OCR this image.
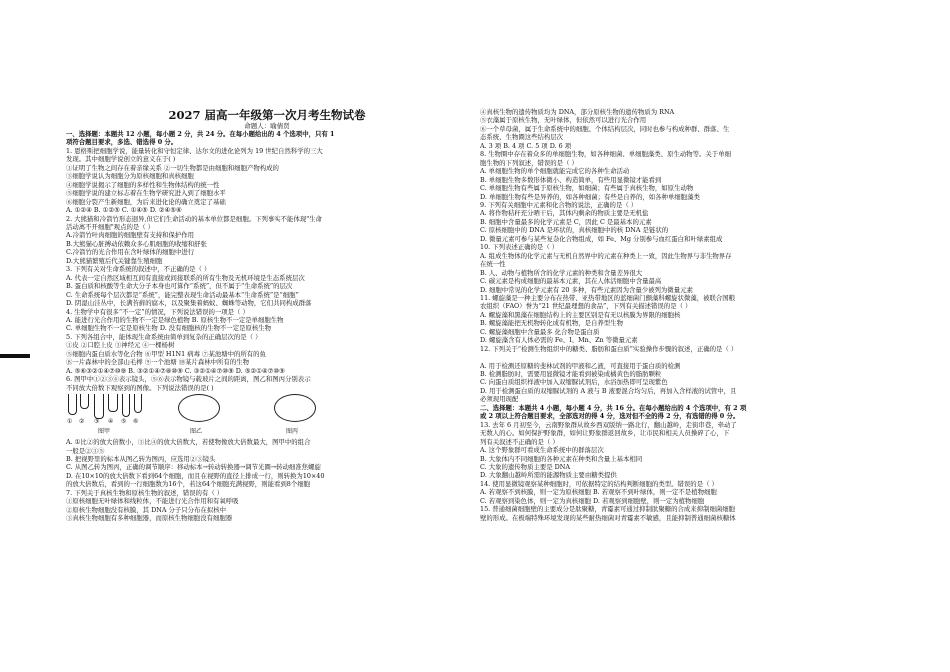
2027 届高一年级第一次月考生物试卷

命题人：喻倩贤

一、选择题：本题共 12 小题，每小题 2 分，共 24 分。在每小题给出的 4 个选项中，只有 1

项符合题目要求，多选、错选得 0 分。

1. 恩格斯把细胞学说，能量转化和守恒定律、达尔文的进化论列为 19 世纪自然科学的三大

发现。其中细胞学说创立的意义在于( )

①证明了生物之间存在着亲缘关系 ②一切生物都是由细胞和细胞产物构成的

③细胞学说认为细胞分为原核细胞和真核细胞

④细胞学说揭示了细胞的多样性和生物体结构的统一性

⑤细胞学说的建立标志着在生物学研究进入到了细胞水平

⑥细胞分裂产生新细胞，为后来进化论的确立奠定了基础

A. ①②④ B. ①②⑤ C. ①④⑤ D. ②④⑤⑥

2. 大熊猫和冷箭竹形态迥异,但它们生命活动的基本单位都是细胞。下列事实不能体现"生命

活动离不开细胞"观点的是（ ）

A.冷箭竹叶肉细胞的细胞壁有支持和保护作用

B.大熊猫心脏搏动依赖众多心肌细胞的收缩和舒张

C.冷箭竹的光合作用在含叶绿体的细胞中进行

D.大熊猫繁殖后代关键靠生殖细胞

3. 下列有关对生命系统的叙述中，不正确的是（ ）

A. 代表一定自然区域相互间有直接或间接联系的所有生物及无机环境是生态系统层次

B. 蛋白质和核酸等生命大分子本身也可算作“系统”，但不属于“生命系统”的层次

C. 生命系统每个层次都是“系统”，能完整表现生命活动最基本“生命系统”是“细胞”

D. 阴湿山洼丛中，长满苔藓的腐木，以及聚集着蚂蚁、蜘蛛等动物，它们共同构成群落

4. 生物学中有很多“不一定”的情况，下列说法错误的一项是（ ）

A. 能进行光合作用的生物不一定是绿色植物 B. 原核生物不一定是单细胞生物

C. 单细胞生物不一定是原核生物 D. 没有细胞核的生物不一定是原核生物

5. 下列各组合中，能体现生命系统由简单到复杂的正确层次的是（ ）

①皮 ②口腔上皮 ③神经元 ④一棵杨树

⑤细胞内蛋白质水等化合物 ⑥甲型 H1N1 病毒 ⑦某池塘中的所有的鱼

⑧一片森林中的全部山毛榉 ⑨一个池塘 ⑩某片森林中所有的生物

A. ⑤⑥③②①④⑦⑩⑨ B. ③②①④⑦⑧⑩⑨ C. ③②①④⑦⑩⑨ D. ⑤②①④⑦⑩⑨

6. 图甲中①②③④表示镜头，⑤⑥表示物镜与载玻片之间的距离，图乙和图丙分别表示

不同放大倍数下观察到的图像。下列说法错误的是( )

① ② ③ ④ ⑤ ⑥
图甲	图乙	图丙

A. ①比②的放大倍数小，③比④的放大倍数大，若使物像放大倍数最大，图甲中的组合

一般是②③⑤

B. 把视野里的标本从图乙转为图丙，应选用②③镜头

C. 从图乙转为图丙，正确的调节顺序：移动标本→转动转换器→调节光圈→转动细准焦螺旋

D. 在10×10的放大倍数下看到64个细胞，而且在视野的直径上排成一行，则转换为10×40

的放大倍数后，看到的一行细胞数为16个，若这64个细胞充满视野，则能看到8个细胞

7. 下列关于真核生物和原核生物的叙述，错误的有（ ）

①原核细胞无叶绿体和线粒体，不能进行光合作用和有氧呼吸

②原核生物细胞没有核膜，其 DNA 分子只分布在拟核中

③真核生物细胞有多种细胞器，而原核生物细胞没有细胞器

④真核生物的遗传物质均为 DNA，部分原核生物的遗传物质为 RNA

⑤衣藻属于原核生物，无叶绿体，但依然可以进行光合作用

⑥一个草母菌，属于生命系统中的细胞、个体结构层次，同时也参与构成种群、群落、生

态系统、生物圈这些结构层次

A. 3 项 B. 4 项 C. 5 项 D. 6 项

8. 生物圈中存在着众多的单细胞生物，如各种细菌、单细胞藻类、原生动物等。关于单细

胞生物的下列叙述，错误的是（ ）

A. 单细胞生物的单个细胞就能完成它的各种生命活动

B. 单细胞生物多数形体微小、构造简单，有些用显微镜才能看到

C. 单细胞生物有些属于原核生物，如细菌；有些属于真核生物，如原生动物

D. 单细胞生物有些是异养的，如各种细菌；有些是自养的，如各种单细胞藻类

9. 下列有关细胞中元素和化合物的说法，正确的是（ ）

A. 将作物秸秆充分晒干后，其体内剩余的物质主要是无机盐

B. 细胞中含量最多的化学元素是 C，因此 C 是最基本的元素

C. 原核细胞中的 DNA 是环状的，真核细胞中的核 DNA 是链状的

D. 微量元素可参与某些复杂化合物组成，如 Fe、Mg 分别参与血红蛋白和叶绿素组成

10. 下列表述正确的是（ ）

A. 组成生物体的化学元素与无机自然界中的元素在种类上一致，因此生物界与非生物界存

在统一性

B. 人、动物与植物所含的化学元素的种类和含量差异很大

C. 碳元素是构成细胞的最基本元素，其在人体活细胞中含量最高

D. 细胞中常见的化学元素有 20 多种，有些元素因为含量少被列为微量元素

11. 螺旋藻是一种主要分布在热带、亚热带地区的蓝细菌门颤藻科螺旋状微藻，被联合国粮

农组织（FAO）誉为“21 世纪最理想的食品”，下列有关描述错误的是（ ）

A. 螺旋藻和黑藻在细胞结构上的主要区别是有无以核膜为界限的细胞核

B. 螺旋藻能把无机物转化成有机物，是自养型生物

C. 螺旋藻细胞中含量最多 化合物是蛋白质

D. 螺旋藻含有人体必需的 Fe、I、Mn、Zn 等微量元素

12. 下列关于“检测生物组织中的糖类、脂肪和蛋白质”实验操作步骤的叙述，正确的是（ ）

A. 用于检测还原糖的斐林试剂的甲液和乙液，可直接用于蛋白质的检测

B. 检测脂肪时，需要用显微镜才能看到被染成橘黄色的脂肪颗粒

C. 向蛋白质组织样液中加入双缩脲试剂后，水浴加热即可呈现紫色

D. 用于检测蛋白质的双缩脲试剂的 A 液与 B 液要混合均匀后，再加入含样液的试管中，且

必须现用现配

二、选择题：本题共 4 小题，每小题 4 分，共 16 分。在每小题给出的 4 个选项中，有 2 项

或 2 项以上符合题目要求，全部选对的得 4 分，选对但不全的得 2 分，有选错的得 0 分。

13. 去年 6 月初至今，云南野象群从故乡西双版纳一路北行，翻山越岭，走街串巷，牵动了

无数人的心。如何保护野象群，如何让野象群返回故乡，让市民和相关人员操碎了心，下

列有关叙述不正确的是（ ）

A. 这个野象群可看成生命系统中的群落层次

B. 大象体内不同细胞的各种元素在种类和含量上基本相同

C. 大象的遗传物质主要是 DNA

D. 大象翻山越岭所需的能源物质主要由糖类提供

14. 使用显微镜观察某种细胞时，可依据特定的结构判断细胞的类型。错误的是（ ）

A. 若观察不到核膜，则一定为原核细胞 B. 若观察不到叶绿体，则一定不是植物细胞

C. 若观察到染色体，则一定为真核细胞 D. 若观察到细胞壁，则一定为植物细胞

15. 普通细菌细胞壁的主要成分是肽聚糖，青霉素可通过抑制肽聚糖的合成来抑制细菌细胞

壁的形成。在极端特殊环境发现的某些耐热细菌对青霉素不敏感，且能抑制普通细菌核糖体
